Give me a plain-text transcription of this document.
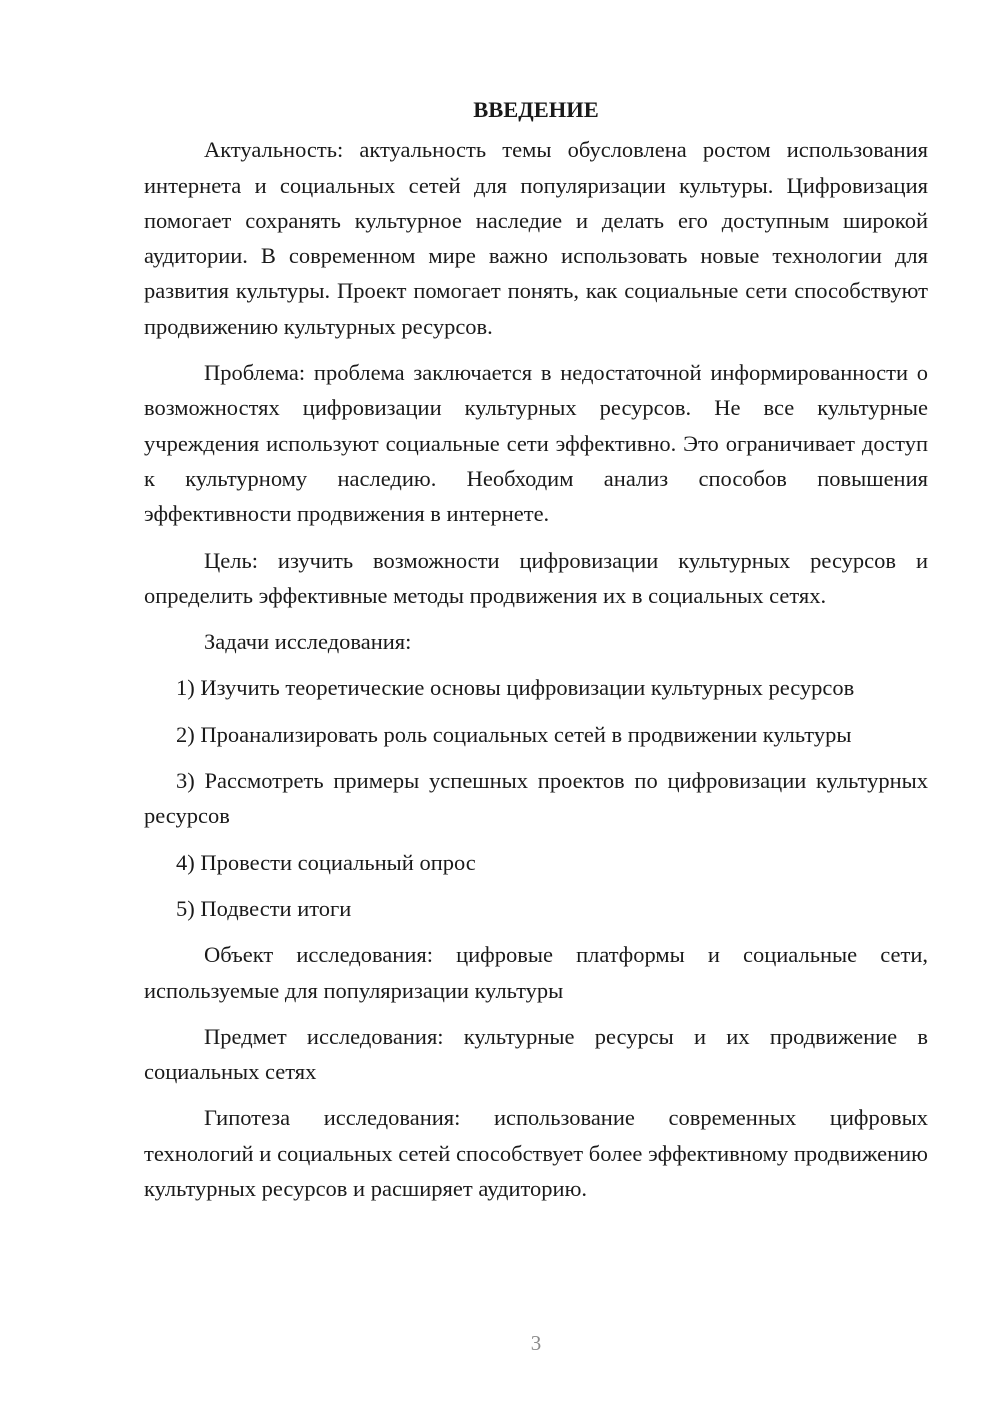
ВВЕДЕНИЕ

Актуальность: актуальность темы обусловлена ростом использования интернета и социальных сетей для популяризации культуры. Цифровизация помогает сохранять культурное наследие и делать его доступным широкой аудитории. В современном мире важно использовать новые технологии для развития культуры. Проект помогает понять, как социальные сети способствуют продвижению культурных ресурсов.

Проблема: проблема заключается в недостаточной информированности о возможностях цифровизации культурных ресурсов. Не все культурные учреждения используют социальные сети эффективно. Это ограничивает доступ к культурному наследию. Необходим анализ способов повышения эффективности продвижения в интернете.

Цель: изучить возможности цифровизации культурных ресурсов и определить эффективные методы продвижения их в социальных сетях.

Задачи исследования:

1) Изучить теоретические основы цифровизации культурных ресурсов

2) Проанализировать роль социальных сетей в продвижении культуры

3) Рассмотреть примеры успешных проектов по цифровизации культурных ресурсов

4) Провести социальный опрос

5) Подвести итоги

Объект исследования: цифровые платформы и социальные сети, используемые для популяризации культуры

Предмет исследования: культурные ресурсы и их продвижение в социальных сетях

Гипотеза исследования: использование современных цифровых технологий и социальных сетей способствует более эффективному продвижению культурных ресурсов и расширяет аудиторию.

3
